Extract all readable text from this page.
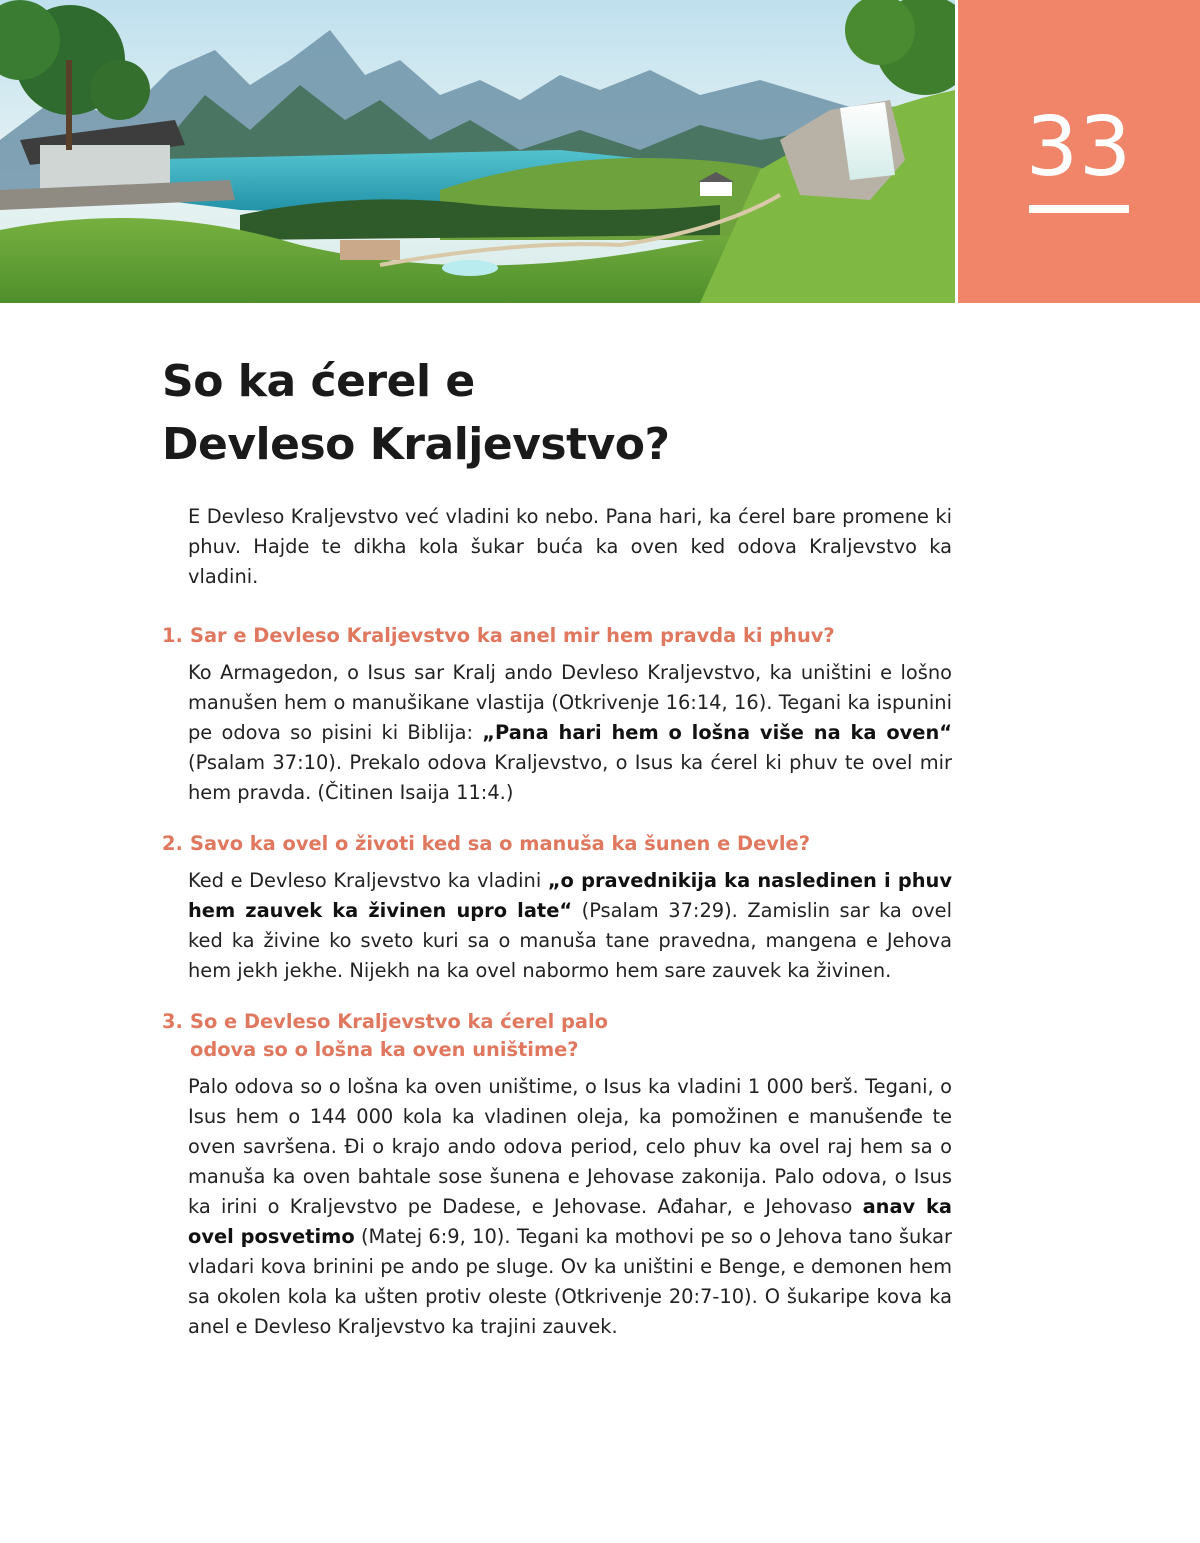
33
So ka ćerel e
Devleso Kraljevstvo?

E Devleso Kraljevstvo već vladini ko nebo. Pana hari, ka ćerel bare promene ki phuv. Hajde te dikha kola šukar buća ka oven ked odova Kraljevstvo ka vladini.

1. Sar e Devleso Kraljevstvo ka anel mir hem pravda ki phuv?

Ko Armagedon, o Isus sar Kralj ando Devleso Kraljevstvo, ka uništini e lošno manušen hem o manušikane vlastija (Otkrivenje 16:14, 16). Tegani ka ispunini pe odova so pisini ki Biblija: „Pana hari hem o lošna više na ka oven“ (Psalam 37:10). Prekalo odova Kraljevstvo, o Isus ka ćerel ki phuv te ovel mir hem pravda. (Čitinen Isaija 11:4.)

2. Savo ka ovel o životi ked sa o manuša ka šunen e Devle?

Ked e Devleso Kraljevstvo ka vladini „o pravednikija ka nasledinen i phuv hem zauvek ka živinen upro late“ (Psalam 37:29). Zamislin sar ka ovel ked ka živine ko sveto kuri sa o manuša tane pravedna, mangena e Jehova hem jekh jekhe. Nijekh na ka ovel nabormo hem sare zauvek ka živinen.

3. So e Devleso Kraljevstvo ka ćerel palo
odova so o lošna ka oven uništime?

Palo odova so o lošna ka oven uništime, o Isus ka vladini 1 000 berš. Tegani, o Isus hem o 144 000 kola ka vladinen oleja, ka pomožinen e manušenđe te oven savršena. Đi o krajo ando odova period, celo phuv ka ovel raj hem sa o manuša ka oven bahtale sose šunena e Jehovase zakonija. Palo odova, o Isus ka irini o Kraljevstvo pe Dadese, e Jehovase. Ađahar, e Jehovaso anav ka ovel posvetimo (Matej 6:9, 10). Tegani ka mothovi pe so o Jehova tano šukar vladari kova brinini pe ando pe sluge. Ov ka uništini e Benge, e demonen hem sa okolen kola ka ušten protiv oleste (Otkrivenje 20:7-10). O šukaripe kova ka anel e Devleso Kraljevstvo ka trajini zauvek.
